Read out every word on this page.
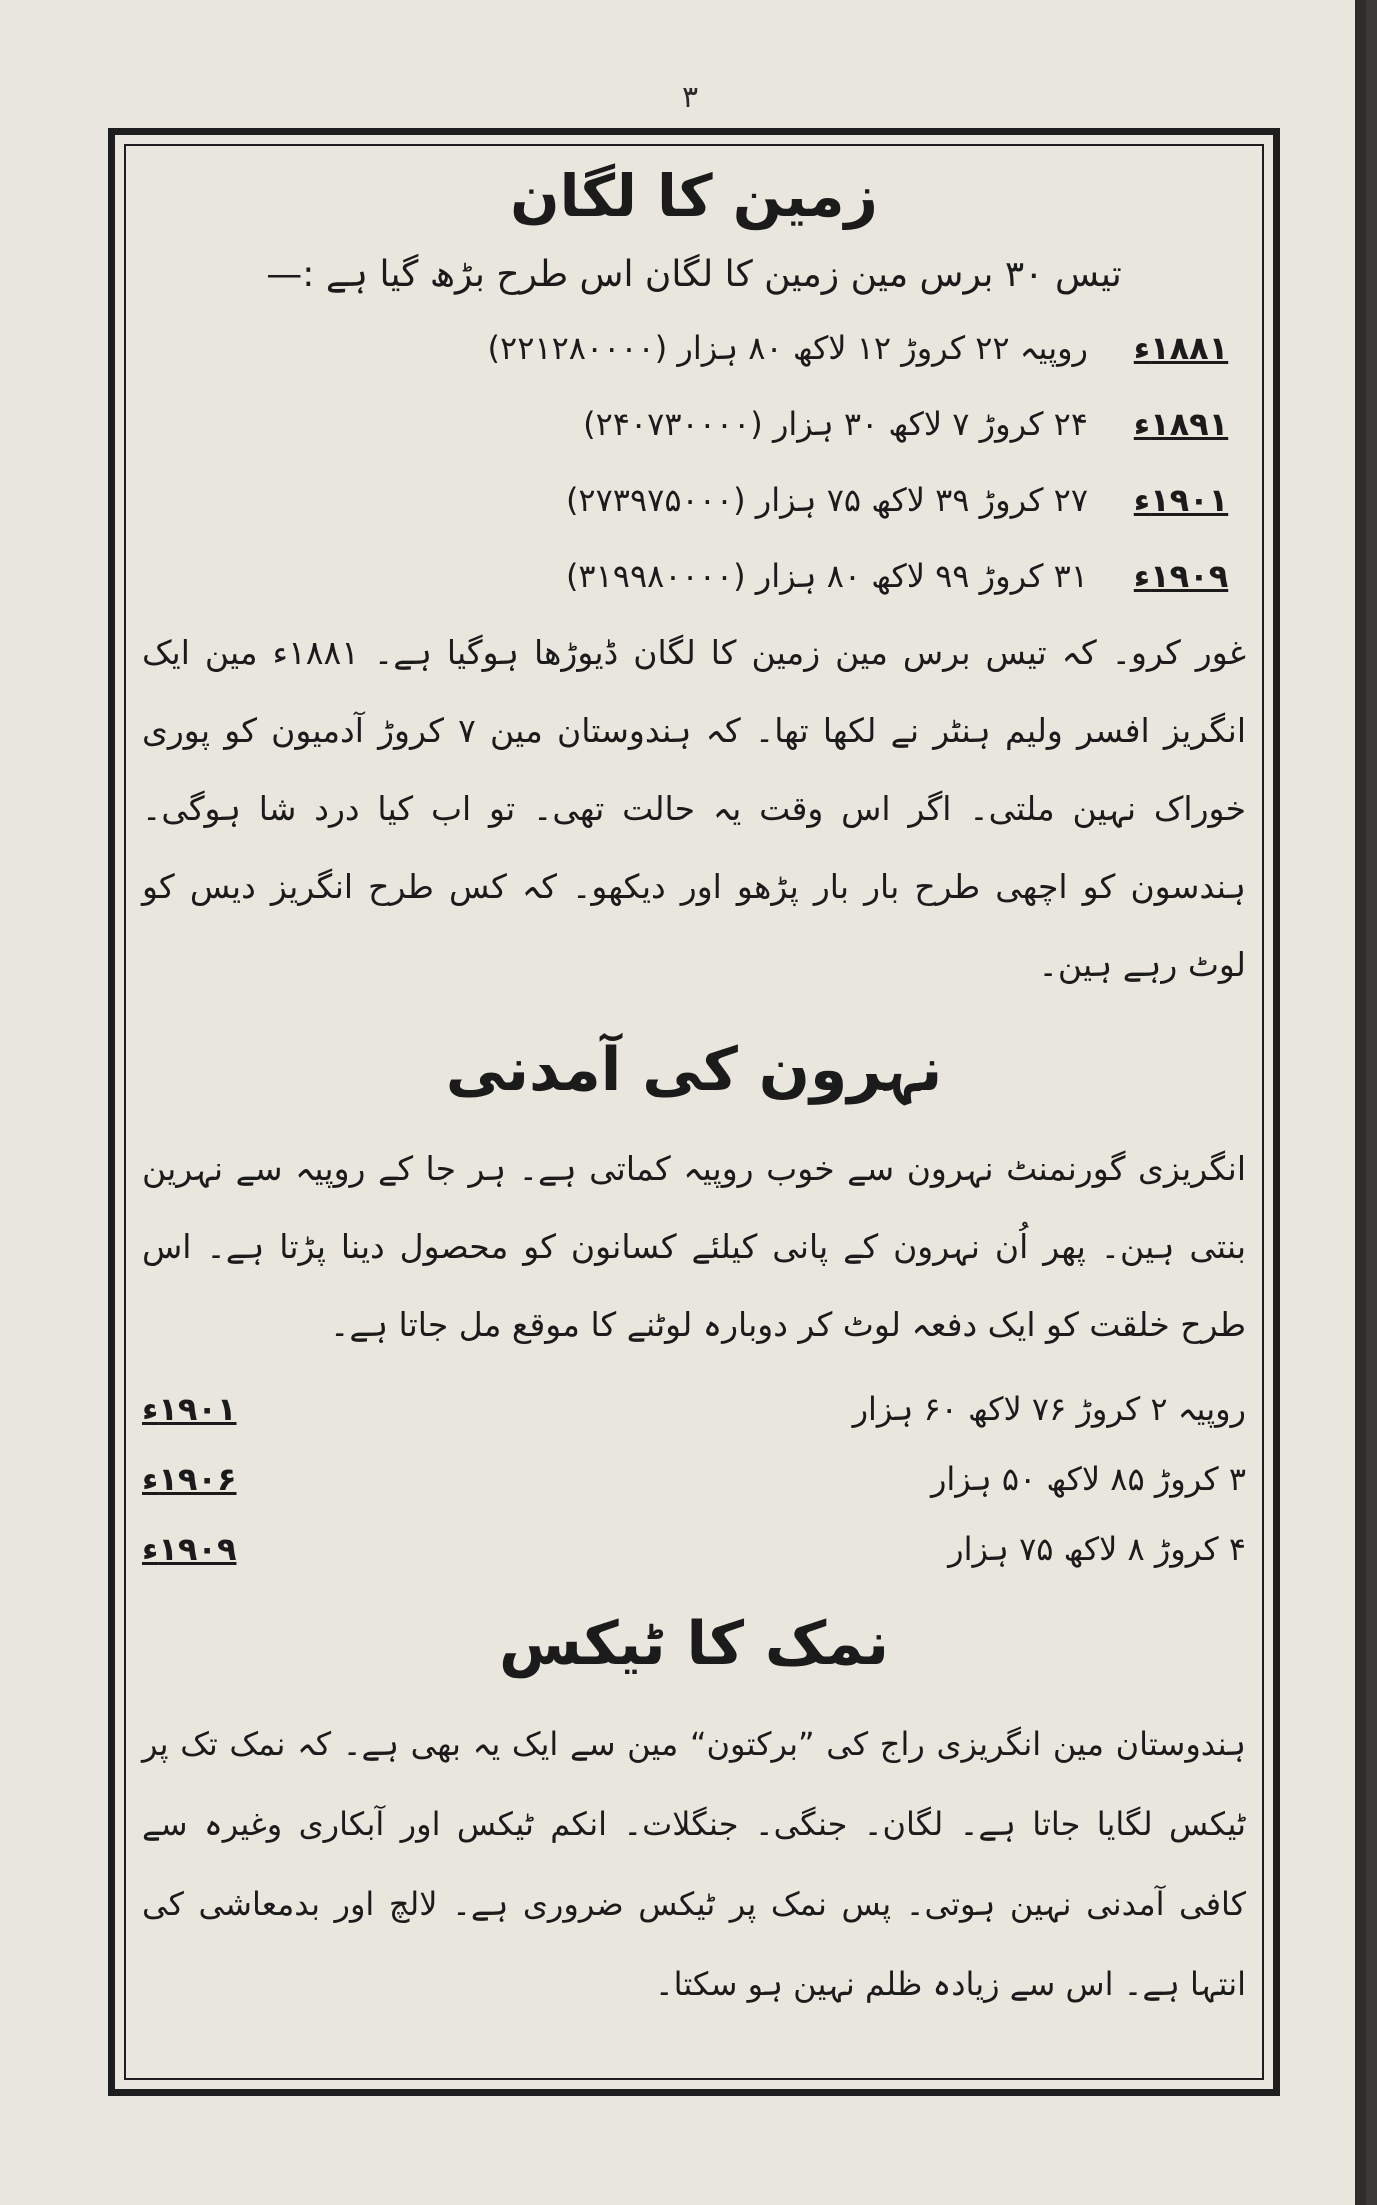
۳
زمین کا لگان
تیس ۳۰ برس مین زمین کا لگان اس طرح بڑھ گیا ہے :—
۱۸۸۱ء
روپیہ ۲۲ کروڑ ۱۲ لاکھ ۸۰ ہزار (۲۲۱۲۸۰۰۰۰)
۱۸۹۱ء
۲۴ کروڑ ۷ لاکھ ۳۰ ہزار (۲۴۰۷۳۰۰۰۰)
۱۹۰۱ء
۲۷ کروڑ ۳۹ لاکھ ۷۵ ہزار (۲۷۳۹۷۵۰۰۰)
۱۹۰۹ء
۳۱ کروڑ ۹۹ لاکھ ۸۰ ہزار (۳۱۹۹۸۰۰۰۰)

غور کرو۔ کہ تیس برس مین زمین کا لگان ڈیوڑھا ہوگیا ہے۔ ۱۸۸۱ء مین ایک انگریز افسر ولیم ہنٹر نے لکھا تھا۔ کہ ہندوستان مین ۷ کروڑ آدمیون کو پوری خوراک نہین ملتی۔ اگر اس وقت یہ حالت تھی۔ تو اب کیا درد شا ہوگی۔ ہندسون کو اچھی طرح بار بار پڑھو اور دیکھو۔ کہ کس طرح انگریز دیس کو لوٹ رہے ہین۔

نہرون کی آمدنی

انگریزی گورنمنٹ نہرون سے خوب روپیہ کماتی ہے۔ ہر جا کے روپیہ سے نہرین بنتی ہین۔ پھر اُن نہرون کے پانی کیلئے کسانون کو محصول دینا پڑتا ہے۔ اس طرح خلقت کو ایک دفعہ لوٹ کر دوبارہ لوٹنے کا موقع مل جاتا ہے۔

روپیہ ۲ کروڑ ۷۶ لاکھ ۶۰ ہزار
۱۹۰۱ء
۳ کروڑ ۸۵ لاکھ ۵۰ ہزار
۱۹۰۶ء
۴ کروڑ ۸ لاکھ ۷۵ ہزار
۱۹۰۹ء
نمک کا ٹیکس

ہندوستان مین انگریزی راج کی ”برکتون“ مین سے ایک یہ بھی ہے۔ کہ نمک تک پر ٹیکس لگایا جاتا ہے۔ لگان۔ جنگی۔ جنگلات۔ انکم ٹیکس اور آبکاری وغیرہ سے کافی آمدنی نہین ہوتی۔ پس نمک پر ٹیکس ضروری ہے۔ لالچ اور بدمعاشی کی انتہا ہے۔ اس سے زیادہ ظلم نہین ہو سکتا۔
